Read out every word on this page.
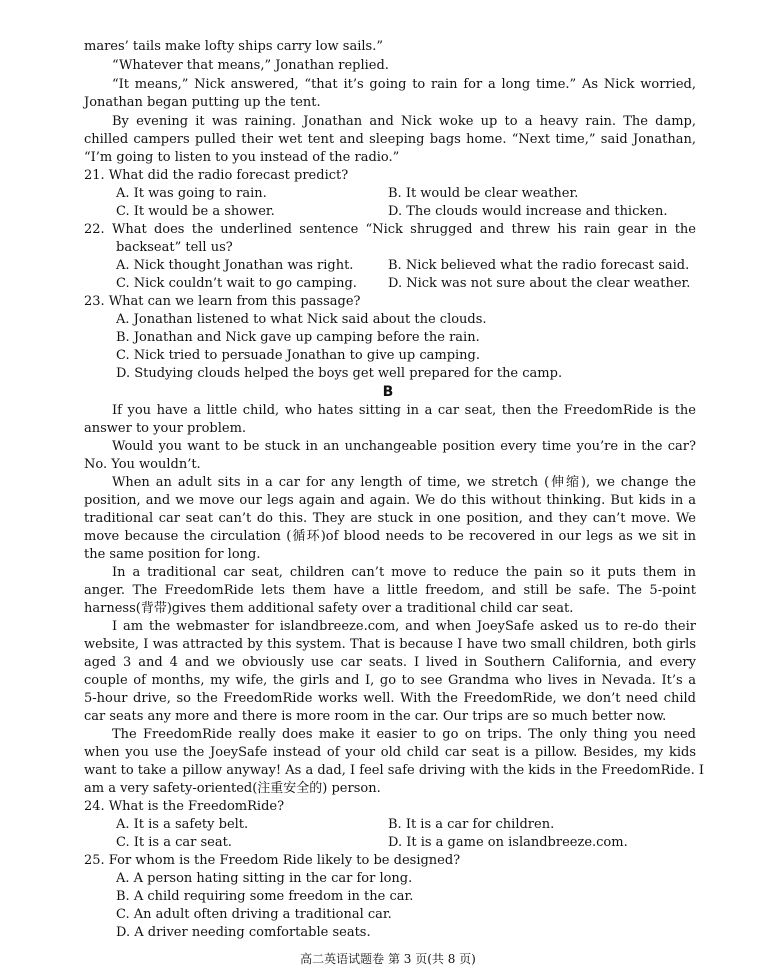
mares’ tails make lofty ships carry low sails.”
“Whatever that means,” Jonathan replied.
“It means,” Nick answered, “that it’s going to rain for a long time.” As Nick worried,
Jonathan began putting up the tent.
By evening it was raining. Jonathan and Nick woke up to a heavy rain. The damp,
chilled campers pulled their wet tent and sleeping bags home. “Next time,” said Jonathan,
“I’m going to listen to you instead of the radio.”
21. What did the radio forecast predict?
A. It was going to rain.	B. It would be clear weather.
C. It would be a shower.	D. The clouds would increase and thicken.
22. What does the underlined sentence “Nick shrugged and threw his rain gear in the
backseat” tell us?
A. Nick thought Jonathan was right.	B. Nick believed what the radio forecast said.
C. Nick couldn’t wait to go camping. D. Nick was not sure about the clear weather.
23. What can we learn from this passage?
A. Jonathan listened to what Nick said about the clouds.
B. Jonathan and Nick gave up camping before the rain.
C. Nick tried to persuade Jonathan to give up camping.
D. Studying clouds helped the boys get well prepared for the camp.
B
If you have a little child, who hates sitting in a car seat, then the FreedomRide is the
answer to your problem.
Would you want to be stuck in an unchangeable position every time you’re in the car?
No. You wouldn’t.
When an adult sits in a car for any length of time, we stretch (伸缩), we change the
position, and we move our legs again and again. We do this without thinking. But kids in a
traditional car seat can’t do this. They are stuck in one position, and they can’t move. We
move because the circulation (循环)of blood needs to be recovered in our legs as we sit in
the same position for long.
In a traditional car seat, children can’t move to reduce the pain so it puts them in
anger. The FreedomRide lets them have a little freedom, and still be safe. The 5-point
harness(背带)gives them additional safety over a traditional child car seat.
I am the webmaster for islandbreeze.com, and when JoeySafe asked us to re-do their
website, I was attracted by this system. That is because I have two small children, both girls
aged 3 and 4 and we obviously use car seats. I lived in Southern California, and every
couple of months, my wife, the girls and I, go to see Grandma who lives in Nevada. It’s a
5-hour drive, so the FreedomRide works well. With the FreedomRide, we don’t need child
car seats any more and there is more room in the car. Our trips are so much better now.
The FreedomRide really does make it easier to go on trips. The only thing you need
when you use the JoeySafe instead of your old child car seat is a pillow. Besides, my kids
want to take a pillow anyway! As a dad, I feel safe driving with the kids in the FreedomRide. I
am a very safety-oriented(注重安全的) person.
24. What is the FreedomRide?
A. It is a safety belt.	B. It is a car for children.
C. It is a car seat.	D. It is a game on islandbreeze.com.
25. For whom is the Freedom Ride likely to be designed?
A. A person hating sitting in the car for long.
B. A child requiring some freedom in the car.
C. An adult often driving a traditional car.
D. A driver needing comfortable seats.
高二英语试题卷 第 3 页(共 8 页)
